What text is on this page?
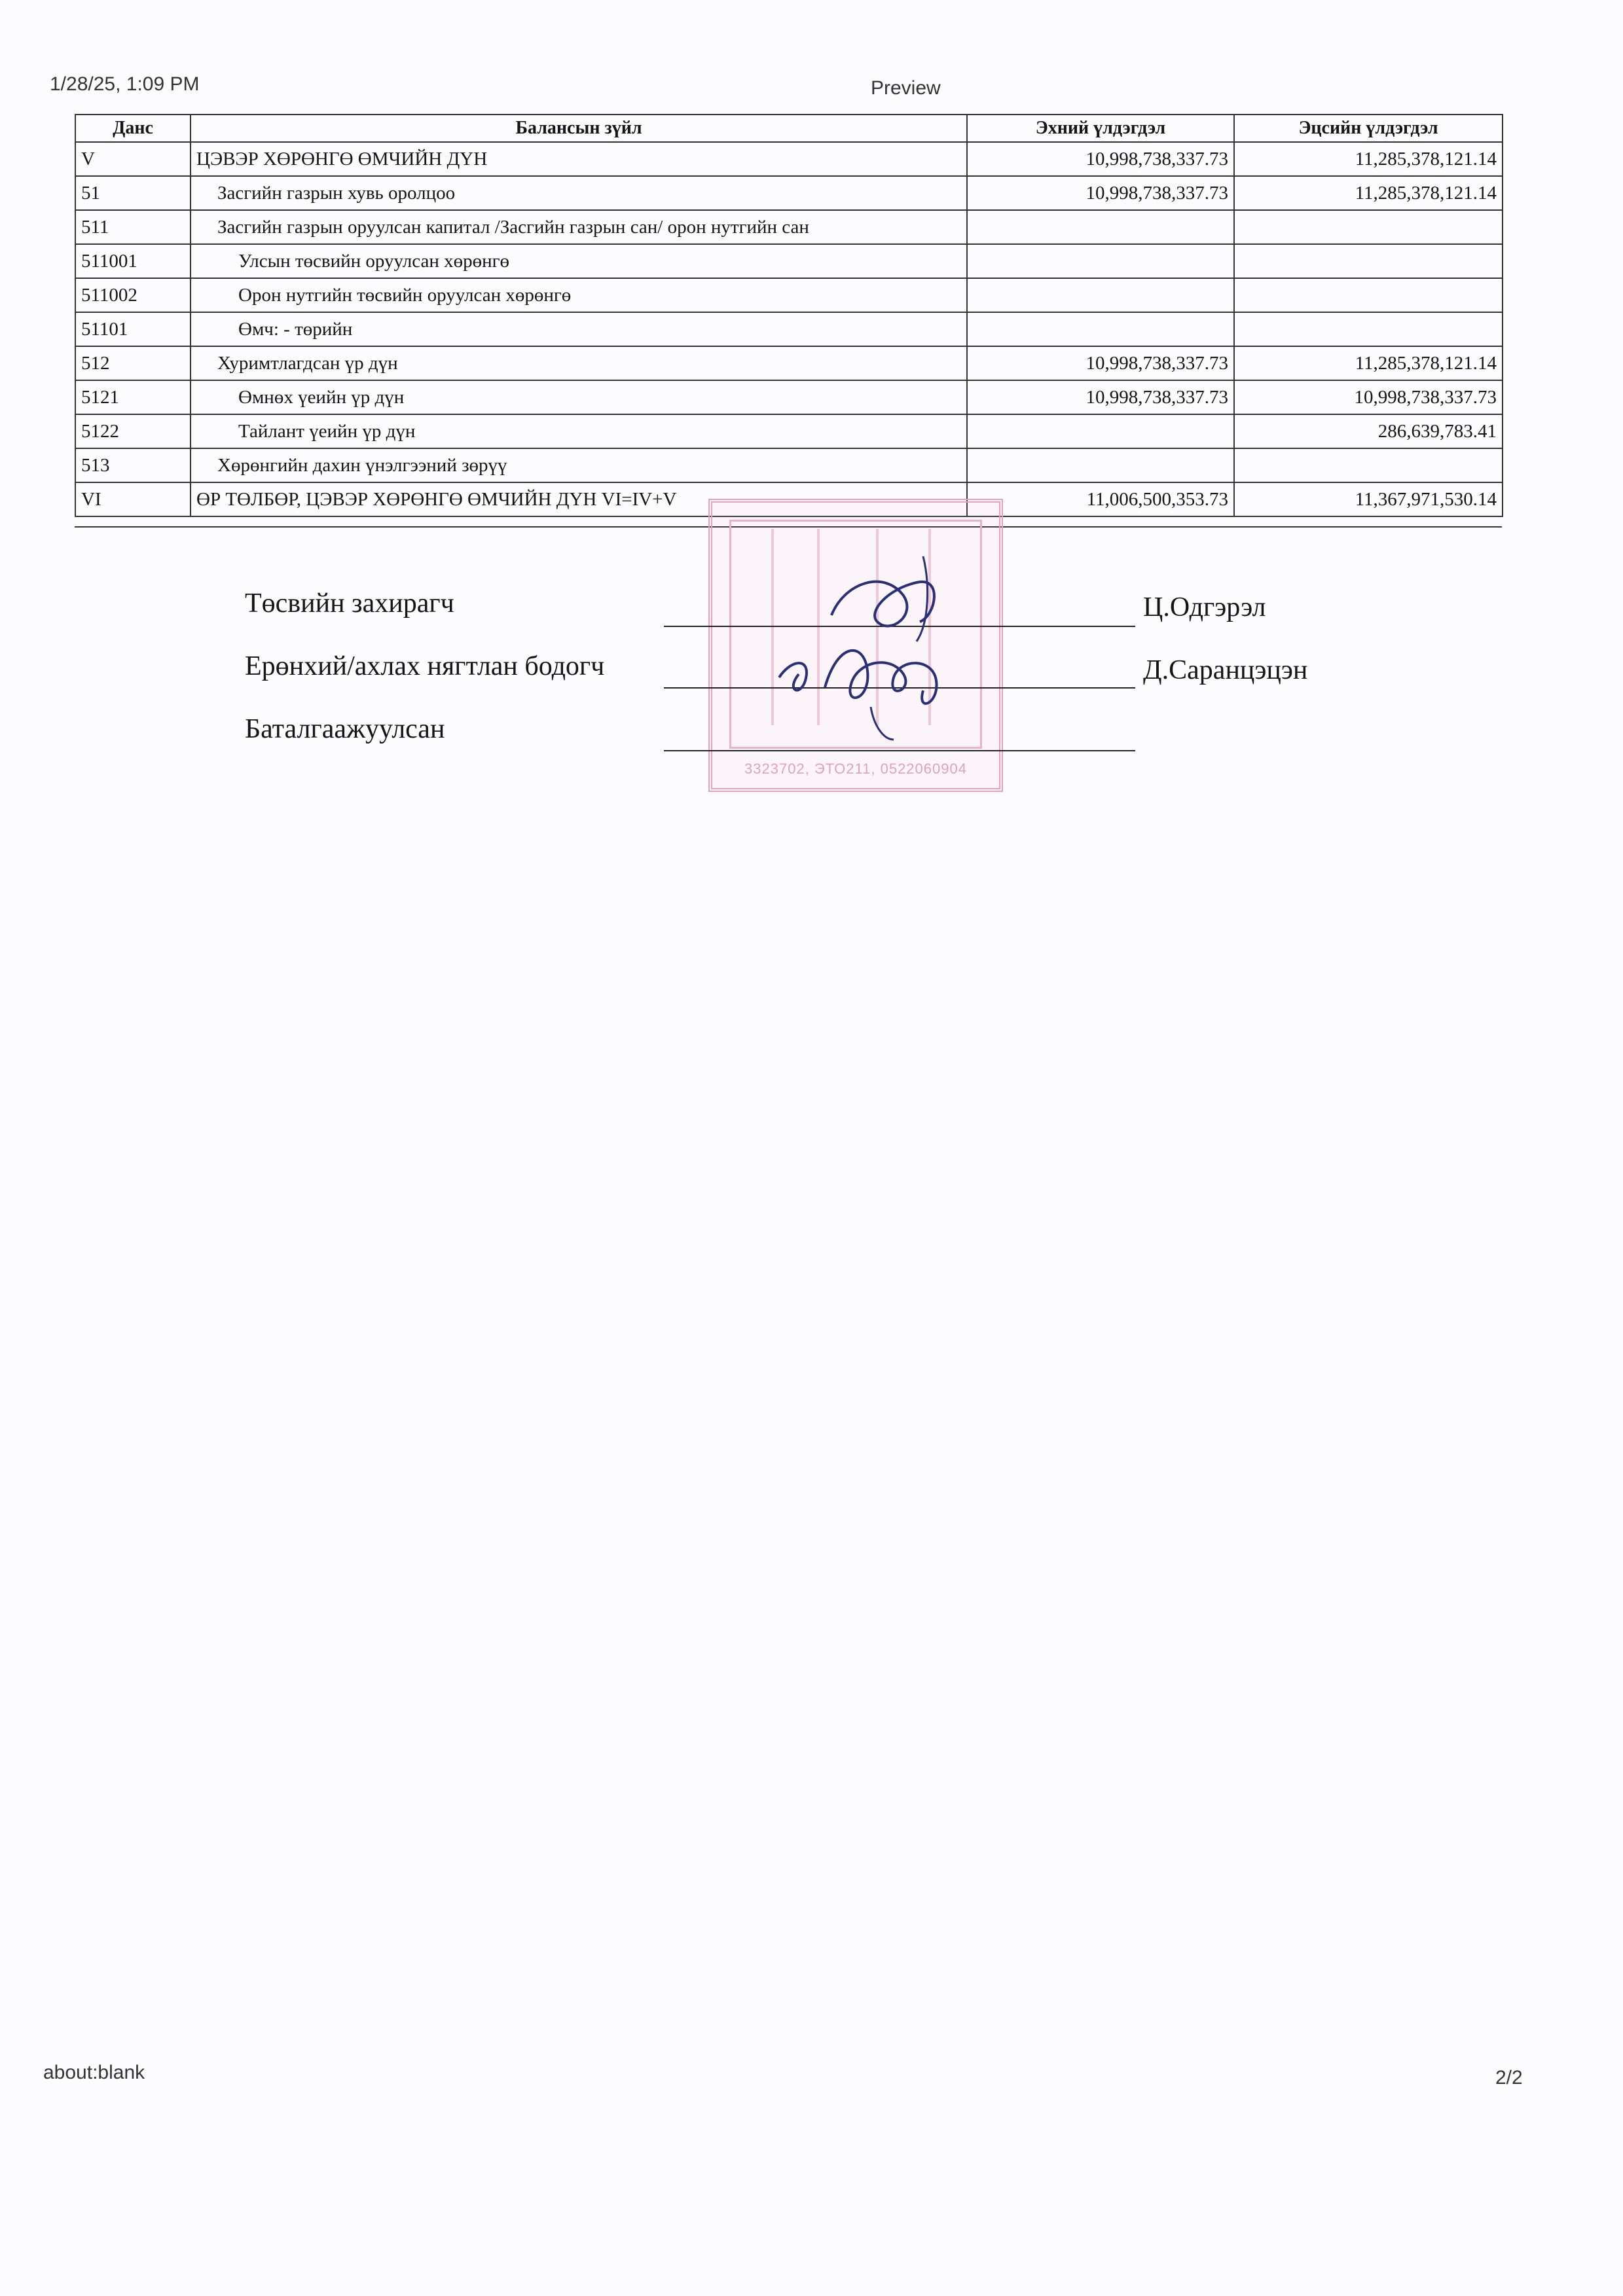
1/28/25, 1:09 PM	Preview
Данс	Балансын зүйл	Эхний үлдэгдэл	Эцсийн үлдэгдэл
V	ЦЭВЭР ХӨРӨНГӨ ӨМЧИЙН ДҮН	10,998,738,337.73	11,285,378,121.14
51	Засгийн газрын хувь оролцоо	10,998,738,337.73	11,285,378,121.14
511	Засгийн газрын оруулсан капитал /Засгийн газрын сан/ орон нутгийн сан		
511001	Улсын төсвийн оруулсан хөрөнгө		
511002	Орон нутгийн төсвийн оруулсан хөрөнгө		
51101	Өмч: - төрийн		
512	Хуримтлагдсан үр дүн	10,998,738,337.73	11,285,378,121.14
5121	Өмнөх үеийн үр дүн	10,998,738,337.73	10,998,738,337.73
5122	Тайлант үеийн үр дүн		286,639,783.41
513	Хөрөнгийн дахин үнэлгээний зөрүү		
VI	ӨР ТӨЛБӨР, ЦЭВЭР ХӨРӨНГӨ ӨМЧИЙН ДҮН VI=IV+V	11,006,500,353.73	11,367,971,530.14
3323702, ЭТО211, 0522060904
Төсвийн захирагч	Ц.Одгэрэл
Ерөнхий/ахлах нягтлан бодогч	Д.Саранцэцэн
Баталгаажуулсан
about:blank	2/2
